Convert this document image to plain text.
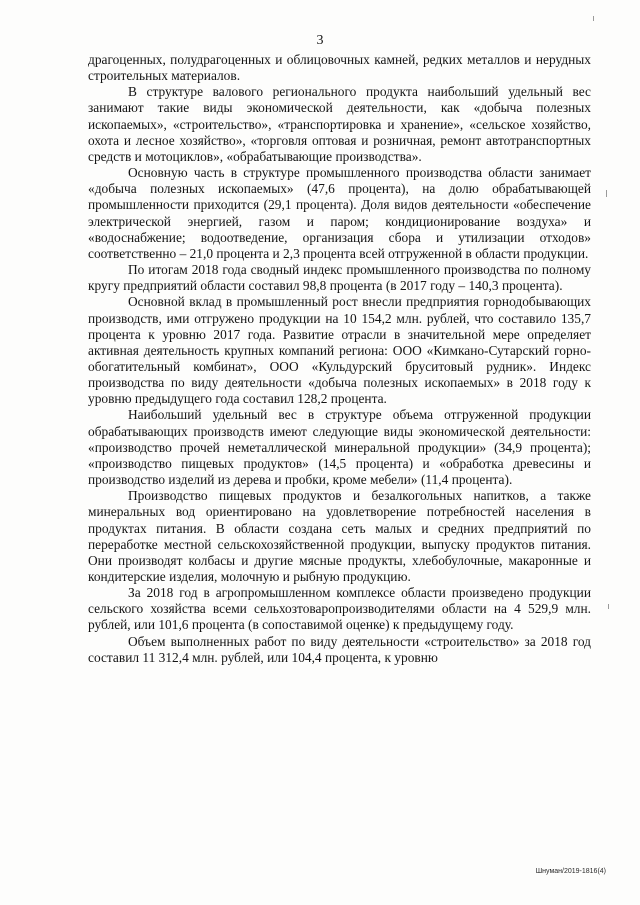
3

драгоценных, полудрагоценных и облицовочных камней, редких металлов и нерудных строительных материалов.

В структуре валового регионального продукта наибольший удельный вес занимают такие виды экономической деятельности, как «добыча полезных ископаемых», «строительство», «транспортировка и хранение», «сельское хозяйство, охота и лесное хозяйство», «торговля оптовая и розничная, ремонт автотранспортных средств и мотоциклов», «обрабатывающие производства».

Основную часть в структуре промышленного производства области занимает «добыча полезных ископаемых» (47,6 процента), на долю обрабатывающей промышленности приходится (29,1 процента). Доля видов деятельности «обеспечение электрической энергией, газом и паром; кондиционирование воздуха» и «водоснабжение; водоотведение, организация сбора и утилизации отходов» соответственно – 21,0 процента и 2,3 процента всей отгруженной в области продукции.

По итогам 2018 года сводный индекс промышленного производства по полному кругу предприятий области составил 98,8 процента (в 2017 году – 140,3 процента).

Основной вклад в промышленный рост внесли предприятия горнодобывающих производств, ими отгружено продукции на 10 154,2 млн. рублей, что составило 135,7 процента к уровню 2017 года. Развитие отрасли в значительной мере определяет активная деятельность крупных компаний региона: ООО «Кимкано-Сутарский горно-обогатительный комбинат», ООО «Кульдурский бруситовый рудник». Индекс производства по виду деятельности «добыча полезных ископаемых» в 2018 году к уровню предыдущего года составил 128,2 процента.

Наибольший удельный вес в структуре объема отгруженной продукции обрабатывающих производств имеют следующие виды экономической деятельности: «производство прочей неметаллической минеральной продукции» (34,9 процента); «производство пищевых продуктов» (14,5 процента) и «обработка древесины и производство изделий из дерева и пробки, кроме мебели» (11,4 процента).

Производство пищевых продуктов и безалкогольных напитков, а также минеральных вод ориентировано на удовлетворение потребностей населения в продуктах питания. В области создана сеть малых и средних предприятий по переработке местной сельскохозяйственной продукции, выпуску продуктов питания. Они производят колбасы и другие мясные продукты, хлебобулочные, макаронные и кондитерские изделия, молочную и рыбную продукцию.

За 2018 год в агропромышленном комплексе области произведено продукции сельского хозяйства всеми сельхозтоваропроизводителями области на 4 529,9 млн. рублей, или 101,6 процента (в сопоставимой оценке) к предыдущему году.

Объем выполненных работ по виду деятельности «строительство» за 2018 год составил 11 312,4 млн. рублей, или 104,4 процента, к уровню

Шнуман/2019-1816(4)
